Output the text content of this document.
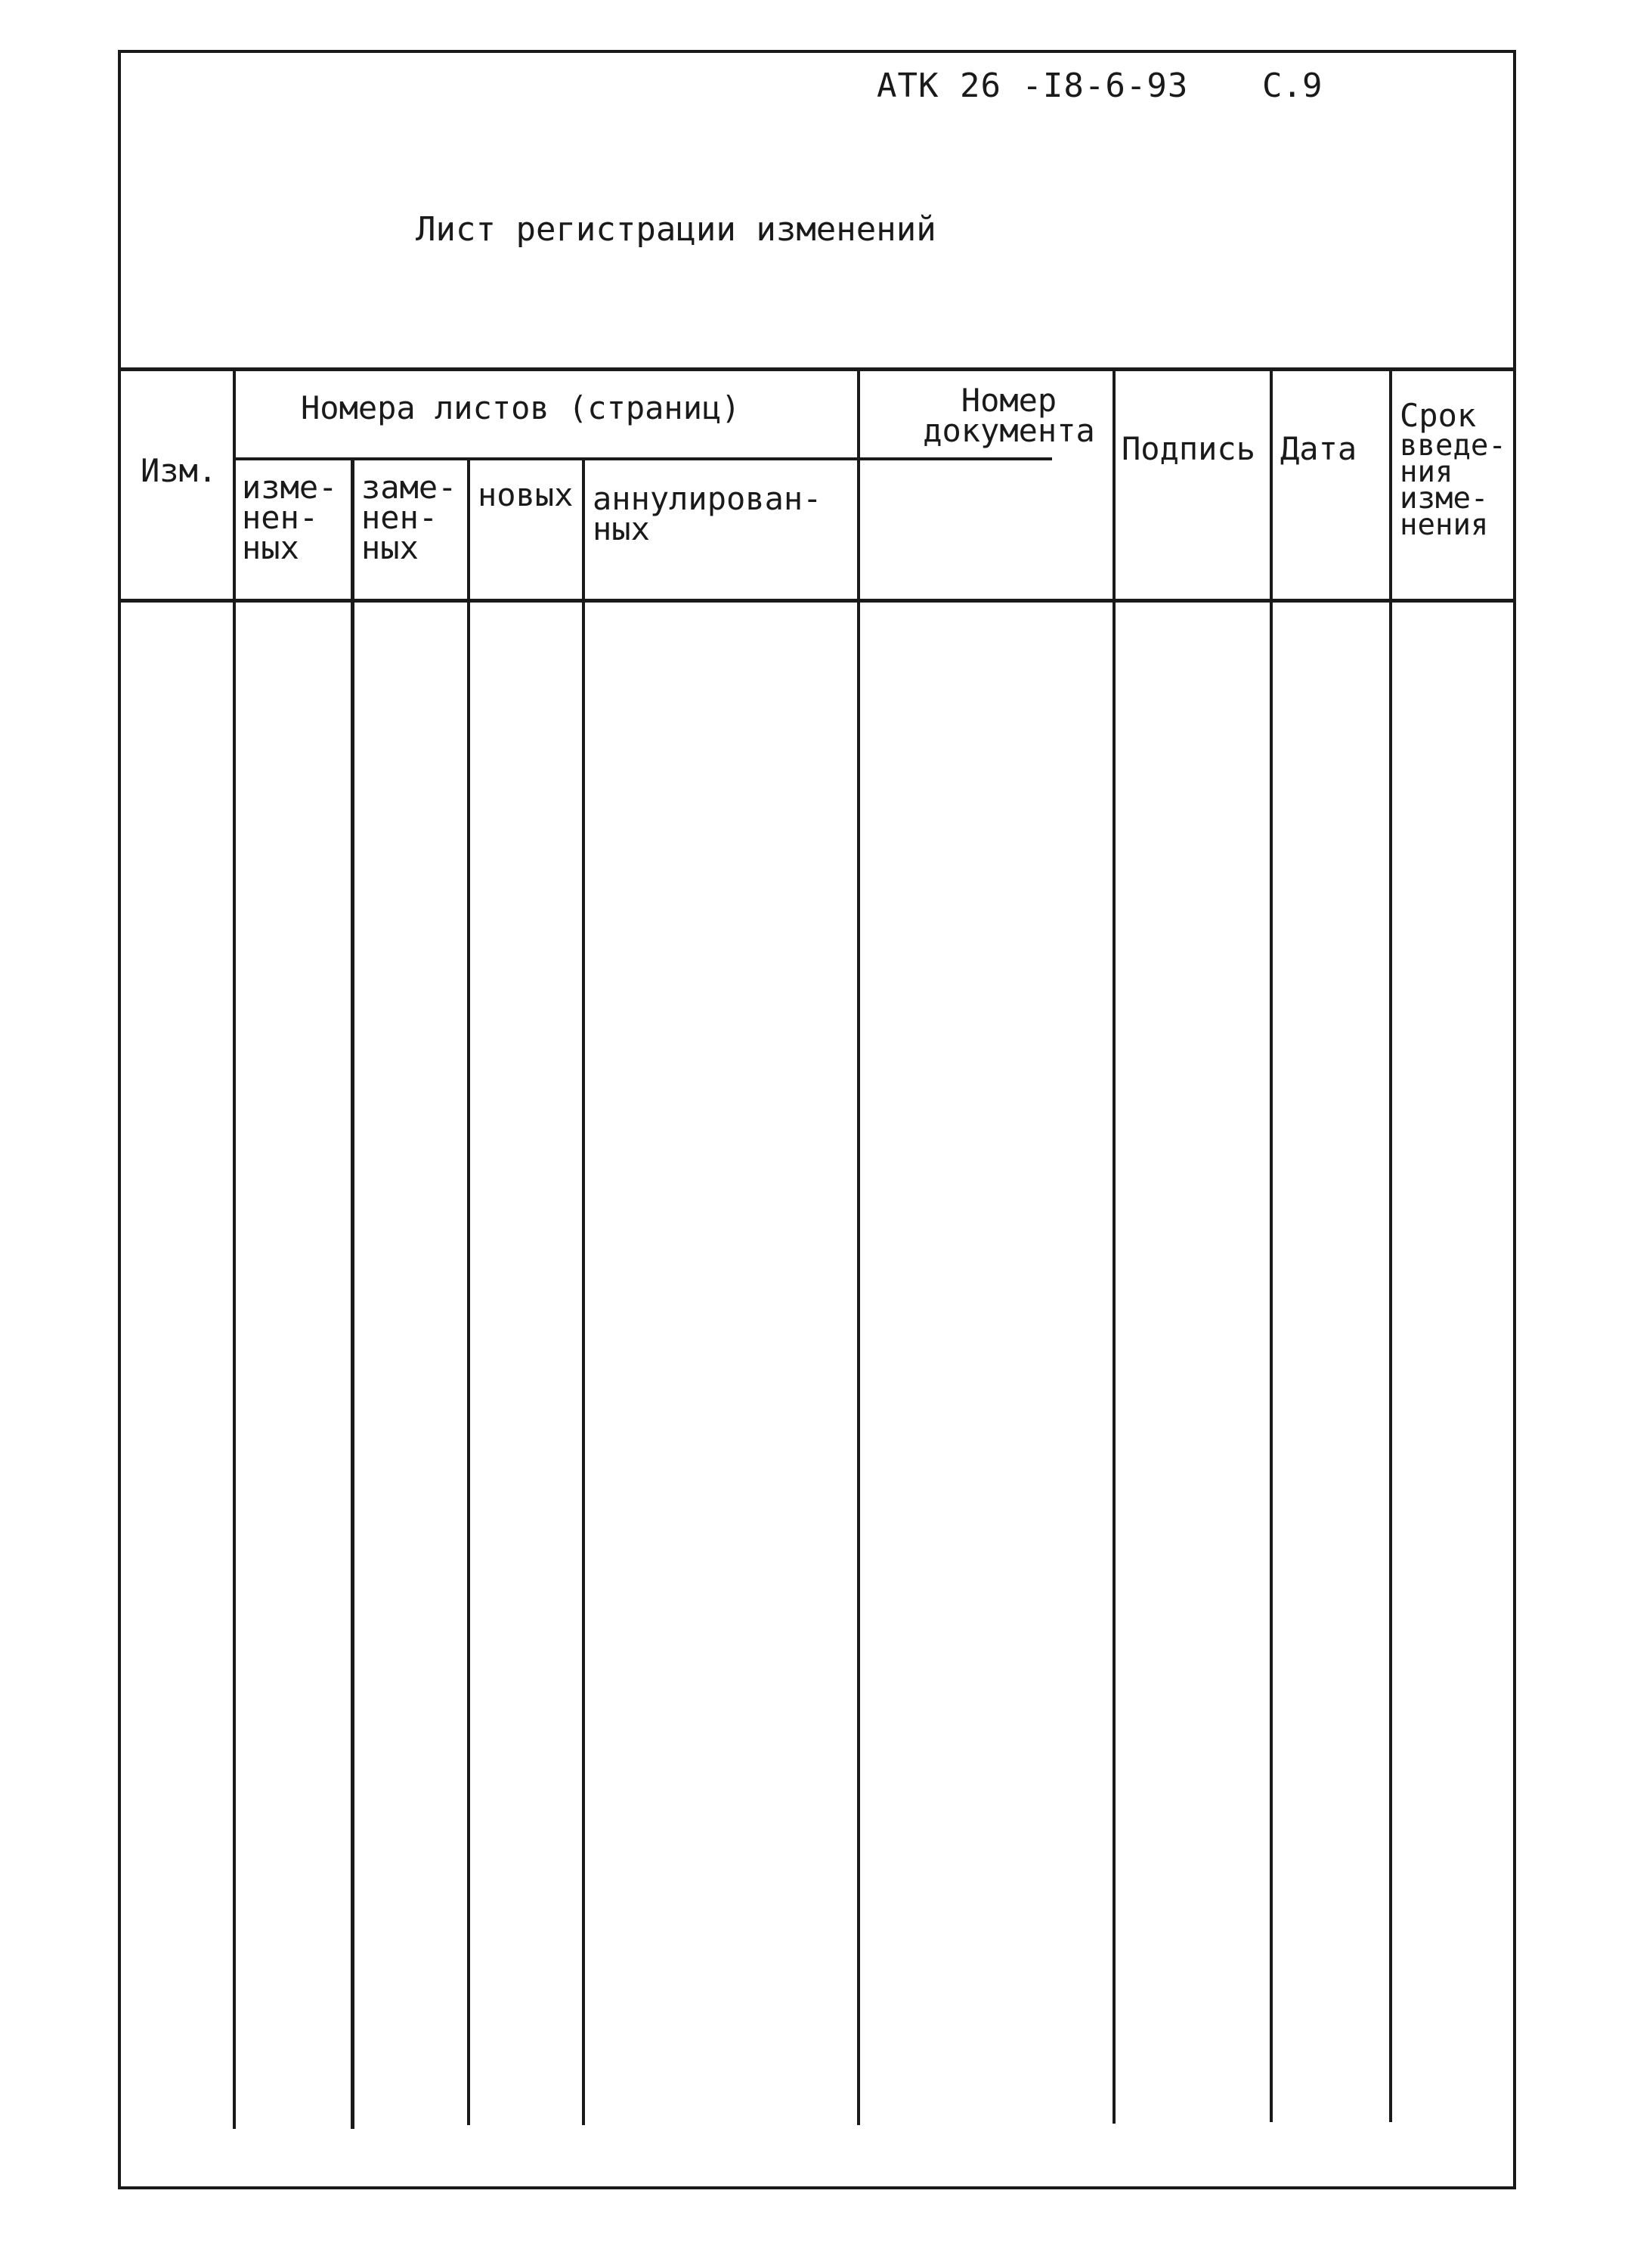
АТК 26 -I8-6-93 С.9
Лист регистрации изменений
Изм.
Номера листов (страниц)
изме-
нен-
ных
заме-
нен-
ных
новых аннулирован-
ных
Номер
документа Подпись Дата
Срок
введе-
ния
изме-
нения
